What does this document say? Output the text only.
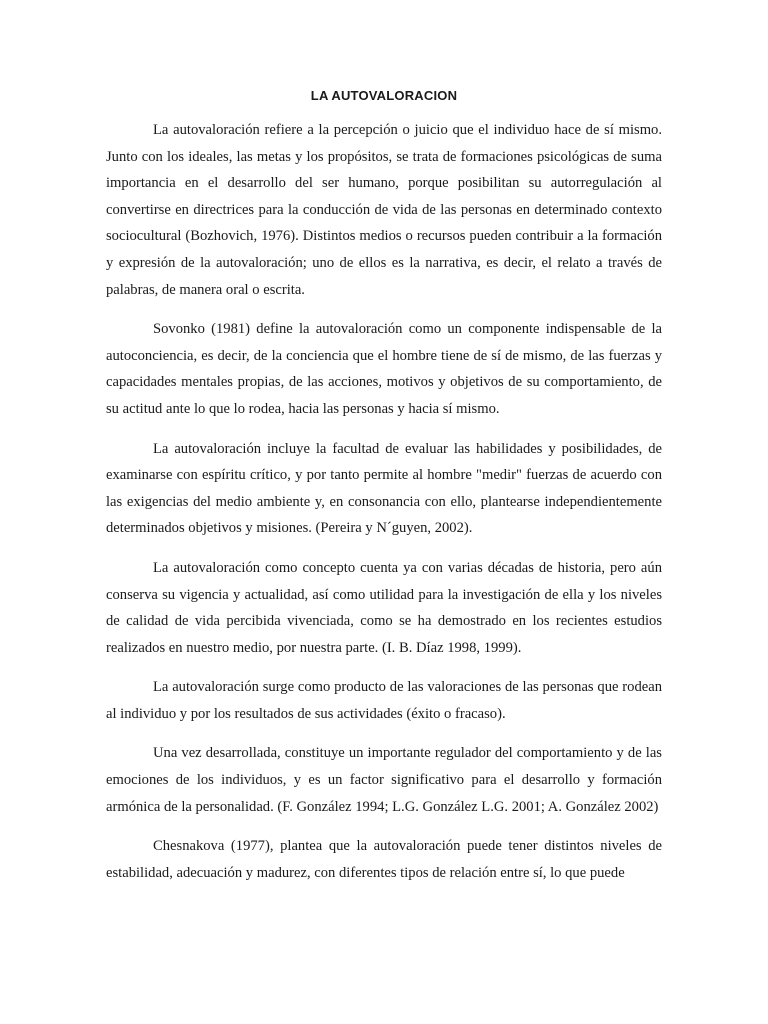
LA AUTOVALORACION

La autovaloración refiere a la percepción o juicio que el individuo hace de sí mismo. Junto con los ideales, las metas y los propósitos, se trata de formaciones psicológicas de suma importancia en el desarrollo del ser humano, porque posibilitan su autorregulación al convertirse en directrices para la conducción de vida de las personas en determinado contexto sociocultural (Bozhovich, 1976). Distintos medios o recursos pueden contribuir a la formación y expresión de la autovaloración; uno de ellos es la narrativa, es decir, el relato a través de palabras, de manera oral o escrita.

Sovonko (1981) define la autovaloración como un componente indispensable de la autoconciencia, es decir, de la conciencia que el hombre tiene de sí de mismo, de las fuerzas y capacidades mentales propias, de las acciones, motivos y objetivos de su comportamiento, de su actitud ante lo que lo rodea, hacia las personas y hacia sí mismo.

La autovaloración incluye la facultad de evaluar las habilidades y posibilidades, de examinarse con espíritu crítico, y por tanto permite al hombre "medir" fuerzas de acuerdo con las exigencias del medio ambiente y, en consonancia con ello, plantearse independientemente determinados objetivos y misiones. (Pereira y N´guyen, 2002).

La autovaloración como concepto cuenta ya con varias décadas de historia, pero aún conserva su vigencia y actualidad, así como utilidad para la investigación de ella y los niveles de calidad de vida percibida vivenciada, como se ha demostrado en los recientes estudios realizados en nuestro medio, por nuestra parte. (I. B. Díaz 1998, 1999).

La autovaloración surge como producto de las valoraciones de las personas que rodean al individuo y por los resultados de sus actividades (éxito o fracaso).

Una vez desarrollada, constituye un importante regulador del comportamiento y de las emociones de los individuos, y es un factor significativo para el desarrollo y formación armónica de la personalidad. (F. González 1994; L.G. González L.G. 2001; A. González 2002)

Chesnakova (1977), plantea que la autovaloración puede tener distintos niveles de estabilidad, adecuación y madurez, con diferentes tipos de relación entre sí, lo que puede
